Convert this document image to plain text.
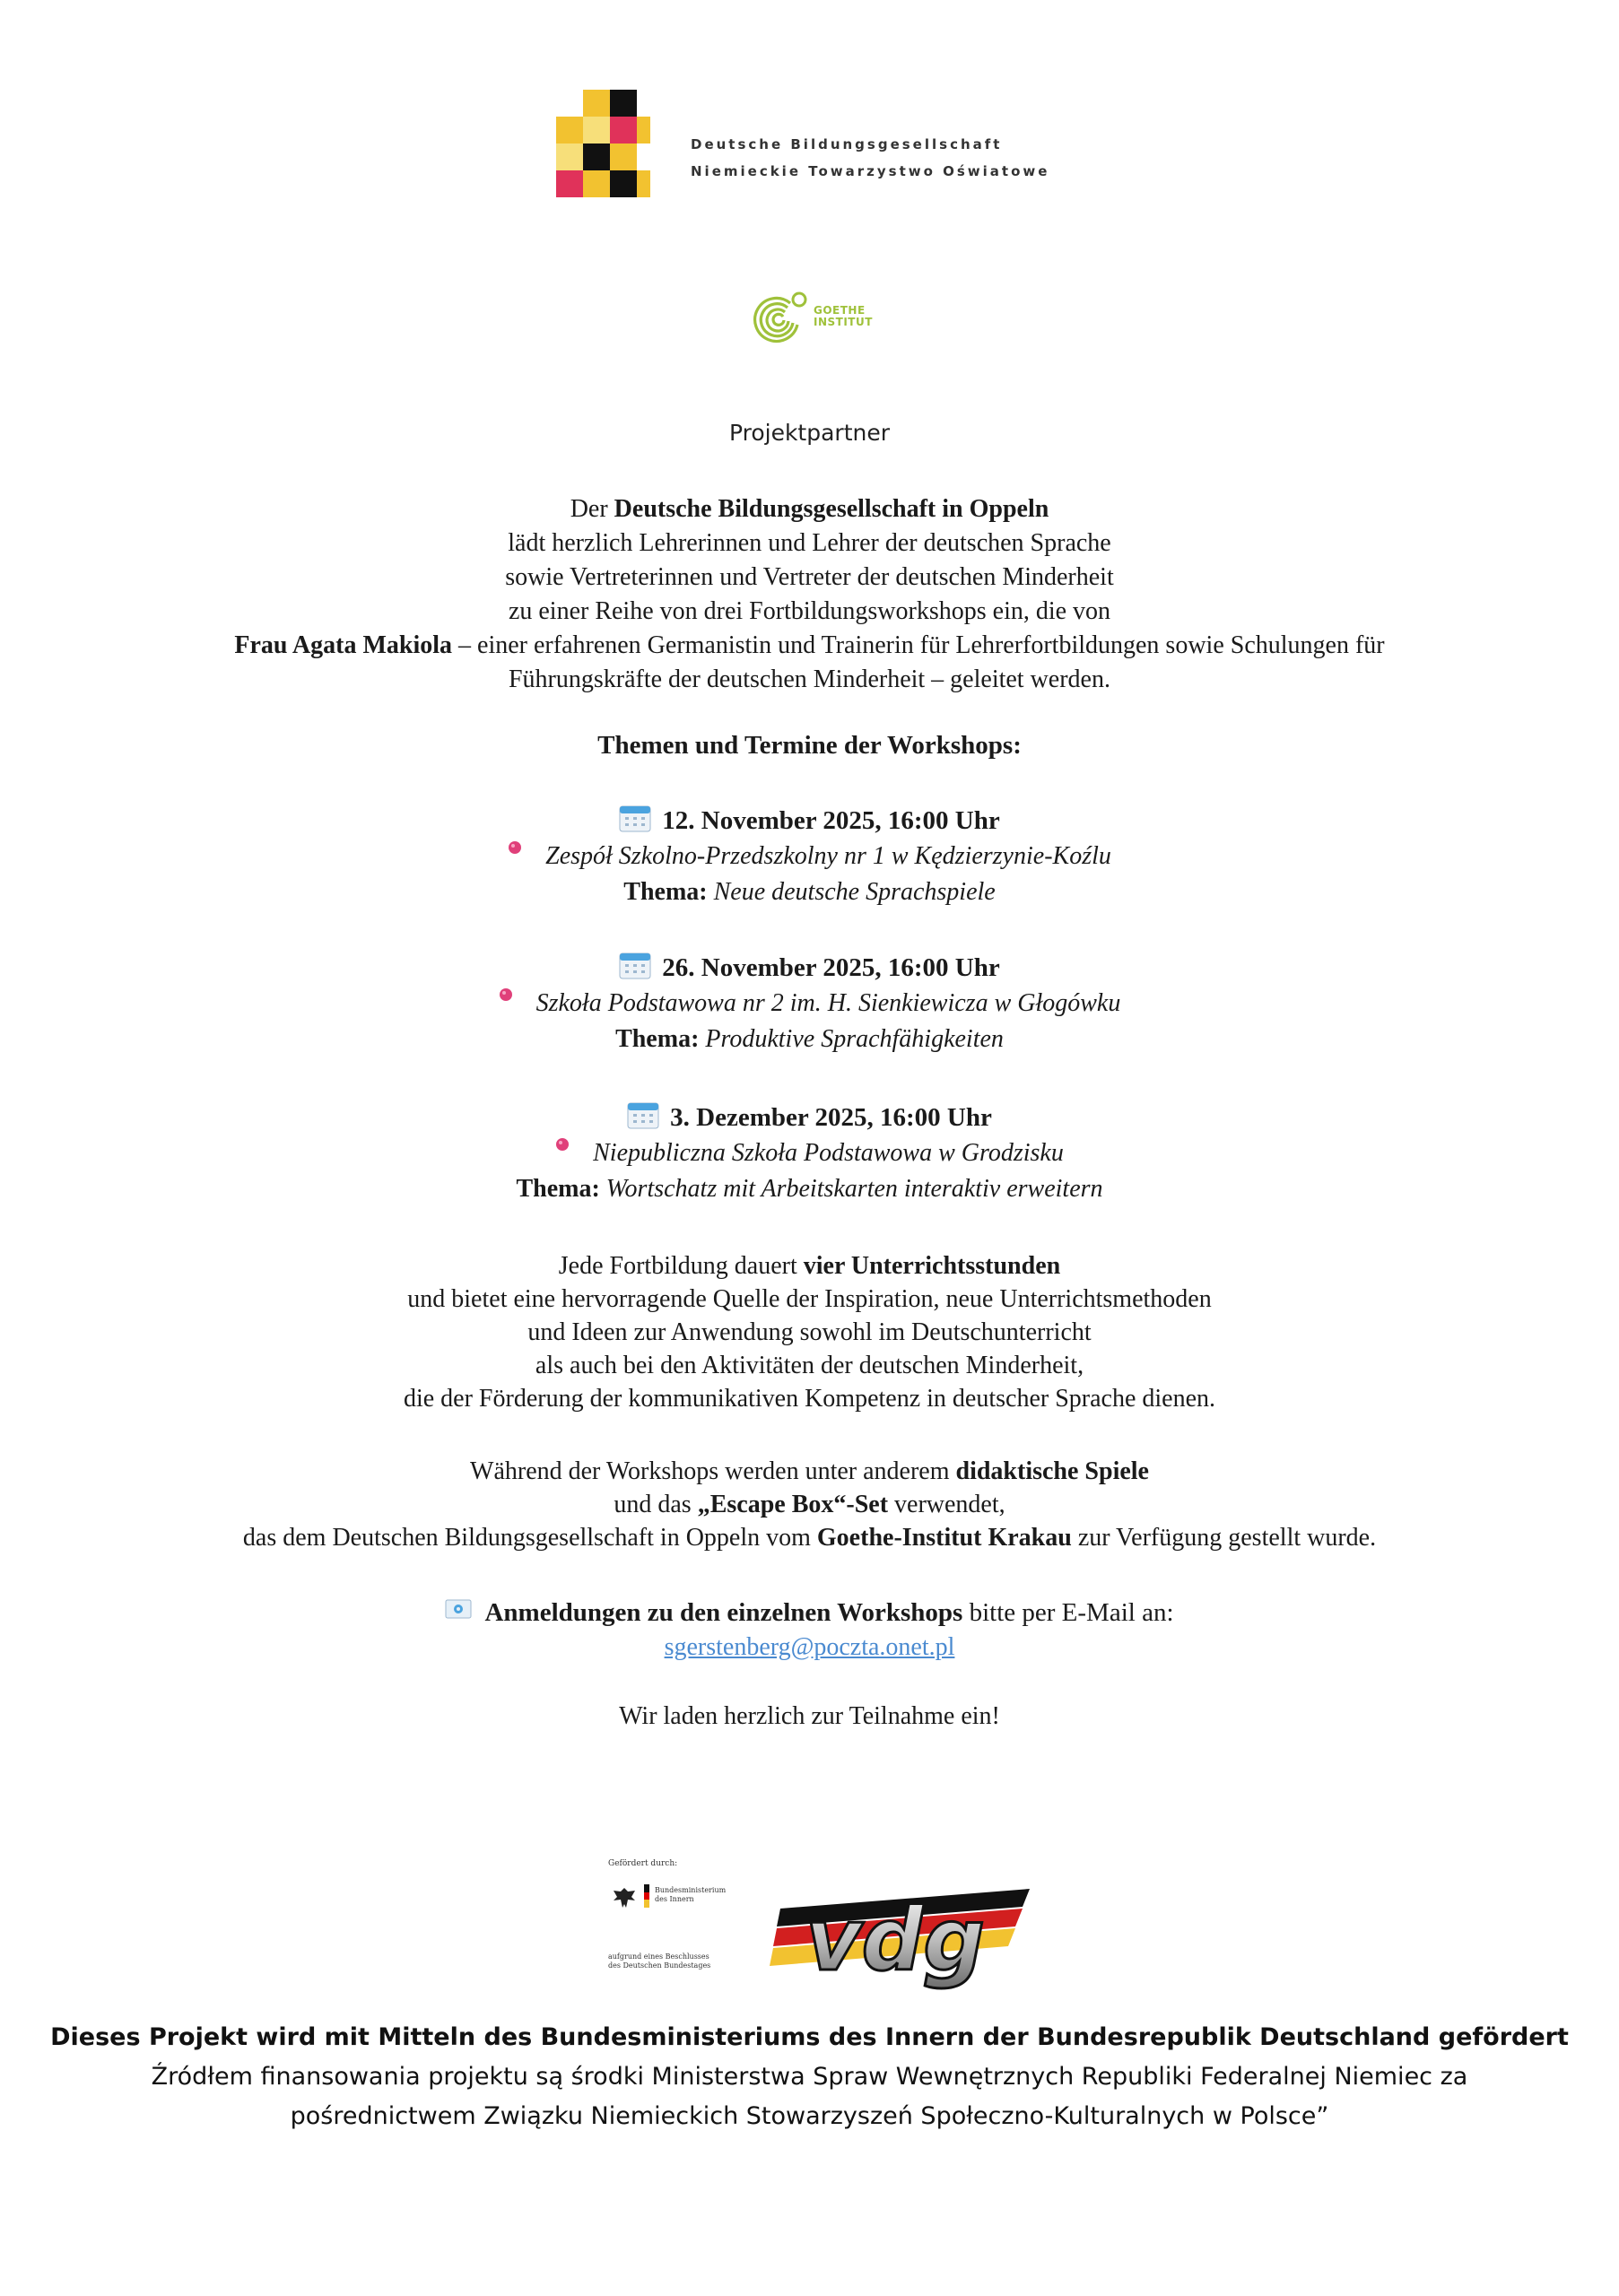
Deutsche Bildungsgesellschaft
Niemieckie Towarzystwo Oświatowe
GOETHE
INSTITUT
Projektpartner
Der Deutsche Bildungsgesellschaft in Oppeln
lädt herzlich Lehrerinnen und Lehrer der deutschen Sprache
sowie Vertreterinnen und Vertreter der deutschen Minderheit
zu einer Reihe von drei Fortbildungsworkshops ein, die von
Frau Agata Makiola – einer erfahrenen Germanistin und Trainerin für Lehrerfortbildungen sowie Schulungen für
Führungskräfte der deutschen Minderheit – geleitet werden.
Themen und Termine der Workshops:
12. November 2025, 16:00 Uhr
Zespół Szkolno-Przedszkolny nr 1 w Kędzierzynie-Koźlu
Thema: Neue deutsche Sprachspiele
26. November 2025, 16:00 Uhr
Szkoła Podstawowa nr 2 im. H. Sienkiewicza w Głogówku
Thema: Produktive Sprachfähigkeiten
3. Dezember 2025, 16:00 Uhr
Niepubliczna Szkoła Podstawowa w Grodzisku
Thema: Wortschatz mit Arbeitskarten interaktiv erweitern
Jede Fortbildung dauert vier Unterrichtsstunden
und bietet eine hervorragende Quelle der Inspiration, neue Unterrichtsmethoden
und Ideen zur Anwendung sowohl im Deutschunterricht
als auch bei den Aktivitäten der deutschen Minderheit,
die der Förderung der kommunikativen Kompetenz in deutscher Sprache dienen.
Während der Workshops werden unter anderem didaktische Spiele
und das „Escape Box“-Set verwendet,
das dem Deutschen Bildungsgesellschaft in Oppeln vom Goethe-Institut Krakau zur Verfügung gestellt wurde.
Anmeldungen zu den einzelnen Workshops bitte per E-Mail an:
sgerstenberg@poczta.onet.pl
Wir laden herzlich zur Teilnahme ein!
Gefördert durch:
Bundesministerium
des Innern
aufgrund eines Beschlusses
des Deutschen Bundestages vdg
Dieses Projekt wird mit Mitteln des Bundesministeriums des Innern der Bundesrepublik Deutschland gefördert
Źródłem finansowania projektu są środki Ministerstwa Spraw Wewnętrznych Republiki Federalnej Niemiec za
pośrednictwem Związku Niemieckich Stowarzyszeń Społeczno-Kulturalnych w Polsce”
